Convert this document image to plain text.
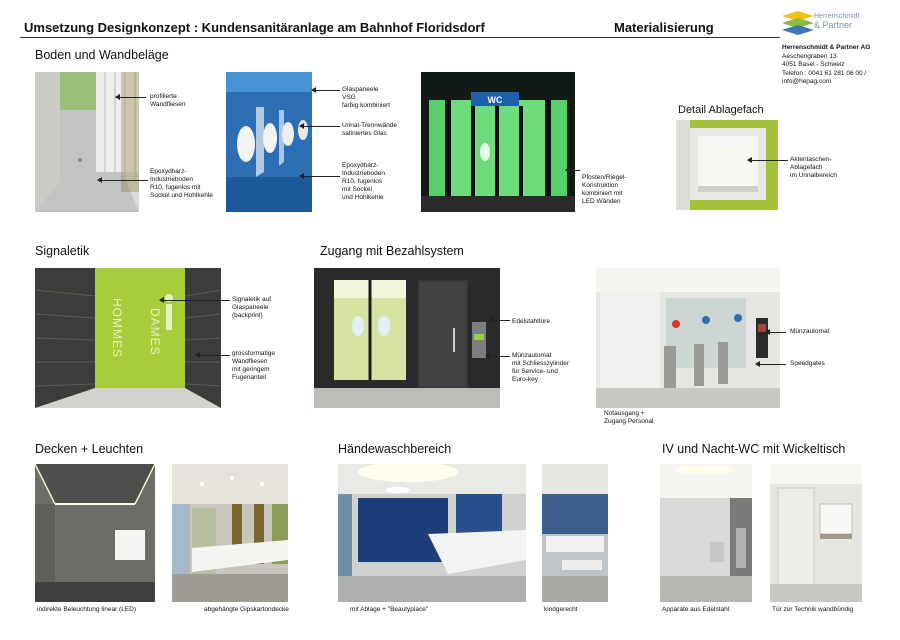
Umsetzung Designkonzept : Kundensanitäranlage am Bahnhof Floridsdorf	Materialisierung
Herrenschmidt
& Partner
Herrenschmidt & Partner AG
Aeschengraben 13
4051 Basel - Schweiz
Telefon : 0041 61 281 06 00 /
info@hepag.com
Boden und Wandbeläge
profilierte
Wandfliesen
Epoxydharz-
Industrieboden
R10, fugenlos mit
Sockel und Hohlkehle
Glaspaneele
VSG
farbig kombiniert
Urinal-Trennwände
satiniertes Glas
Epoxydharz-
Industrieboden
R10, fugenlos
mit Sockel
und Hohlkehle
WC
Pfosten/Riegel-
Konstruktion
kombiniert mit
LED Wänden
Detail Ablagefach
Aktentaschen-
Ablagefach
im Urinalbereich
Signaletik
HOMMES DAMES
Signaletik auf
Glaspaneele
(backprint)
grossformatige
Wandfliesen
mit geringem
Fugenanteil
Zugang mit Bezahlsystem
Edelstahltüre
Münzautomat
mit Schliesszylinder
für Service- und
Euro-key
Münzautomat
Speedgates
Notausgang +
Zugang Personal
Decken + Leuchten
indirekte Beleuchtung linear (LED)	abgehängte Gipskartondecke
Händewaschbereich
mit Ablage + "Beautyplace"	kindgerecht
IV und Nacht-WC mit Wickeltisch
Apparate aus Edelstahl	Tür zur Technik wandbündig
